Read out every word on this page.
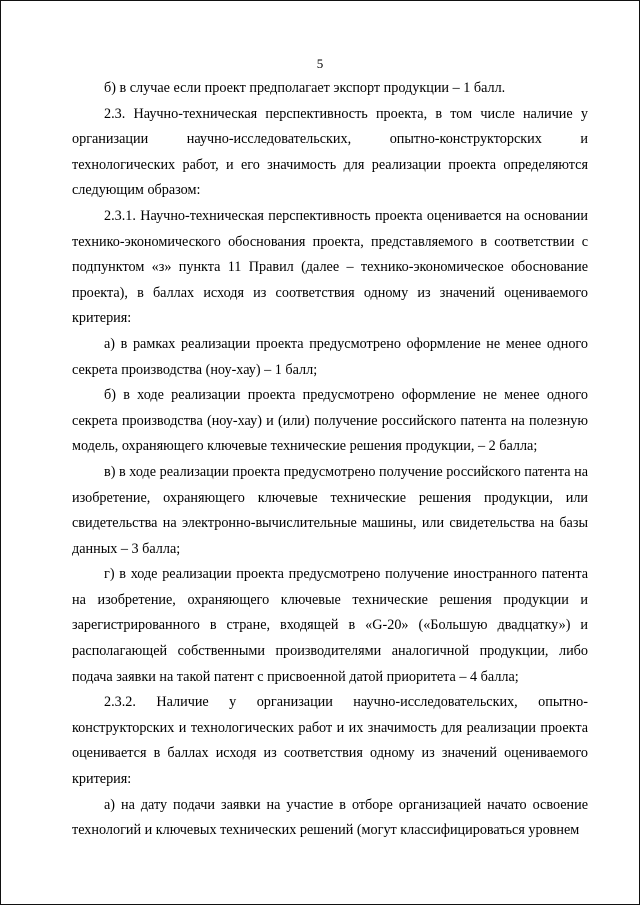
5

б) в случае если проект предполагает экспорт продукции – 1 балл.

2.3. Научно-техническая перспективность проекта, в том числе наличие у организации научно-исследовательских, опытно-конструкторских и технологических работ, и его значимость для реализации проекта определяются следующим образом:

2.3.1. Научно-техническая перспективность проекта оценивается на основании технико-экономического обоснования проекта, представляемого в соответствии с подпунктом «з» пункта 11 Правил (далее – технико-экономическое обоснование проекта), в баллах исходя из соответствия одному из значений оцениваемого критерия:

а) в рамках реализации проекта предусмотрено оформление не менее одного секрета производства (ноу-хау) – 1 балл;

б) в ходе реализации проекта предусмотрено оформление не менее одного секрета производства (ноу-хау) и (или) получение российского патента на полезную модель, охраняющего ключевые технические решения продукции, – 2 балла;

в) в ходе реализации проекта предусмотрено получение российского патента на изобретение, охраняющего ключевые технические решения продукции, или свидетельства на электронно-вычислительные машины, или свидетельства на базы данных – 3 балла;

г) в ходе реализации проекта предусмотрено получение иностранного патента на изобретение, охраняющего ключевые технические решения продукции и зарегистрированного в стране, входящей в «G-20» («Большую двадцатку») и располагающей собственными производителями аналогичной продукции, либо подача заявки на такой патент с присвоенной датой приоритета – 4 балла;

2.3.2. Наличие у организации научно-исследовательских, опытно-конструкторских и технологических работ и их значимость для реализации проекта оценивается в баллах исходя из соответствия одному из значений оцениваемого критерия:

а) на дату подачи заявки на участие в отборе организацией начато освоение технологий и ключевых технических решений (могут классифицироваться уровнем
